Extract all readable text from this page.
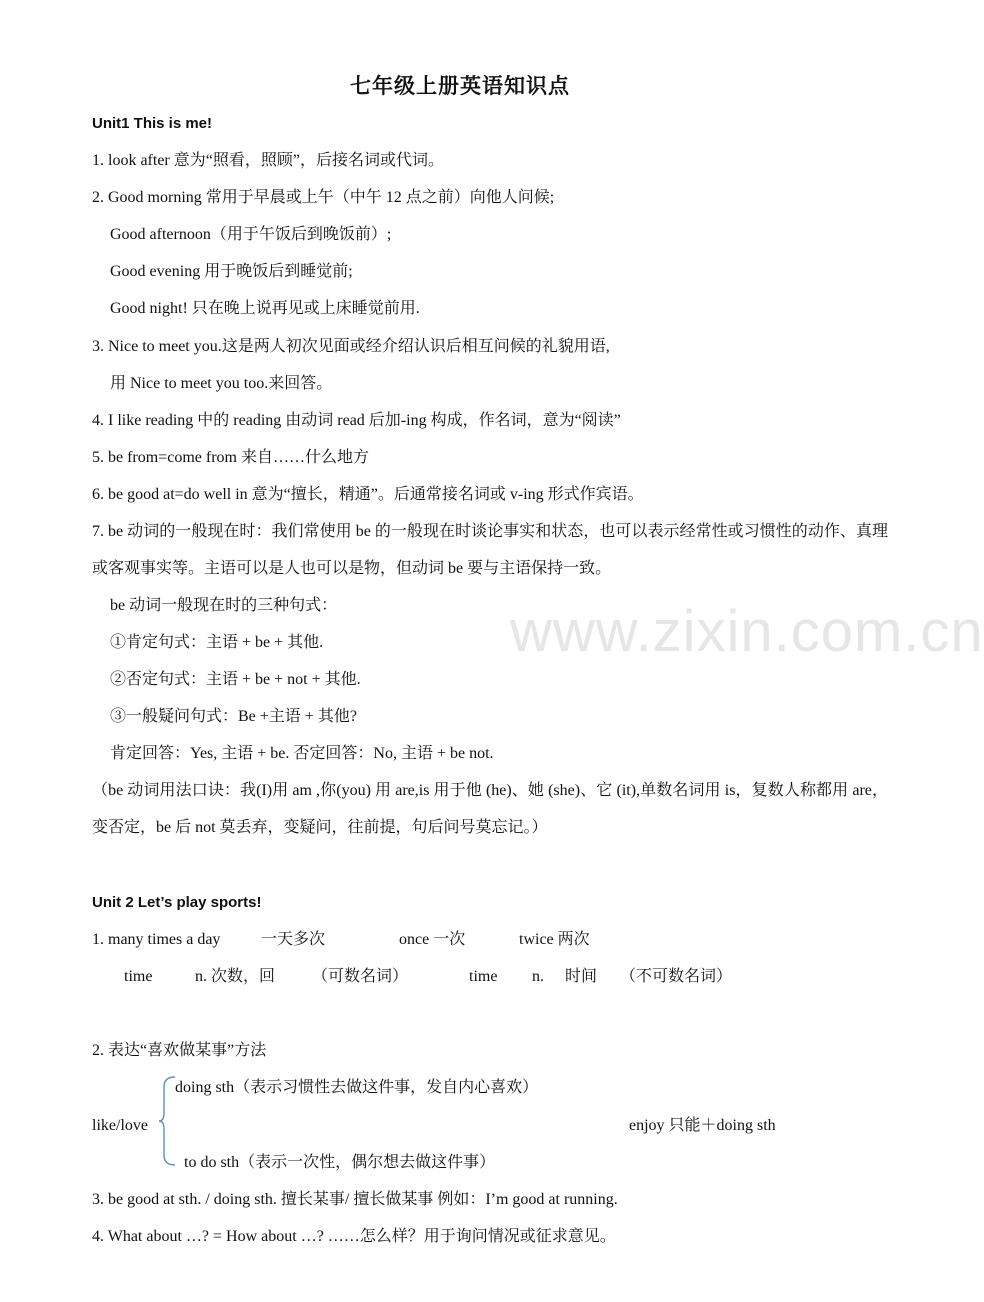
www.zixin.com.cn
七年级上册英语知识点
Unit1 This is me!
1. look after 意为“照看，照顾”，后接名词或代词。
2. Good morning 常用于早晨或上午（中午 12 点之前）向他人问候;
Good afternoon（用于午饭后到晚饭前）;
Good evening 用于晚饭后到睡觉前;
Good night! 只在晚上说再见或上床睡觉前用.
3. Nice to meet you.这是两人初次见面或经介绍认识后相互问候的礼貌用语,
用 Nice to meet you too.来回答。
4. I like reading 中的 reading 由动词 read 后加-ing 构成，作名词，意为“阅读”
5. be from=come from 来自……什么地方
6. be good at=do well in 意为“擅长，精通”。后通常接名词或 v-ing 形式作宾语。
7. be 动词的一般现在时：我们常使用 be 的一般现在时谈论事实和状态，也可以表示经常性或习惯性的动作、真理或客观事实等。主语可以是人也可以是物，但动词 be 要与主语保持一致。
be 动词一般现在时的三种句式：
①肯定句式：主语 + be + 其他.
②否定句式：主语 + be + not + 其他.
③一般疑问句式：Be +主语 + 其他?
肯定回答：Yes, 主语 + be. 否定回答：No, 主语 + be not.
（be 动词用法口诀：我(I)用 am ,你(you) 用 are,is 用于他 (he)、她 (she)、它 (it),单数名词用 is，复数人称都用 are，变否定，be 后 not 莫丢弃，变疑问，往前提，句后问号莫忘记。）
Unit 2 Let’s play sports!
1. many times a day	一天多次	once 一次	twice 两次
time	n. 次数，回 （可数名词）	time n. 时间 （不可数名词）
2. 表达“喜欢做某事”方法
doing sth（表示习惯性去做这件事，发自内心喜欢）
like/love	enjoy 只能＋doing sth
to do sth（表示一次性，偶尔想去做这件事）
3. be good at sth. / doing sth. 擅长某事/ 擅长做某事 例如：I’m good at running.
4. What about …? = How about …? ……怎么样？用于询问情况或征求意见。
